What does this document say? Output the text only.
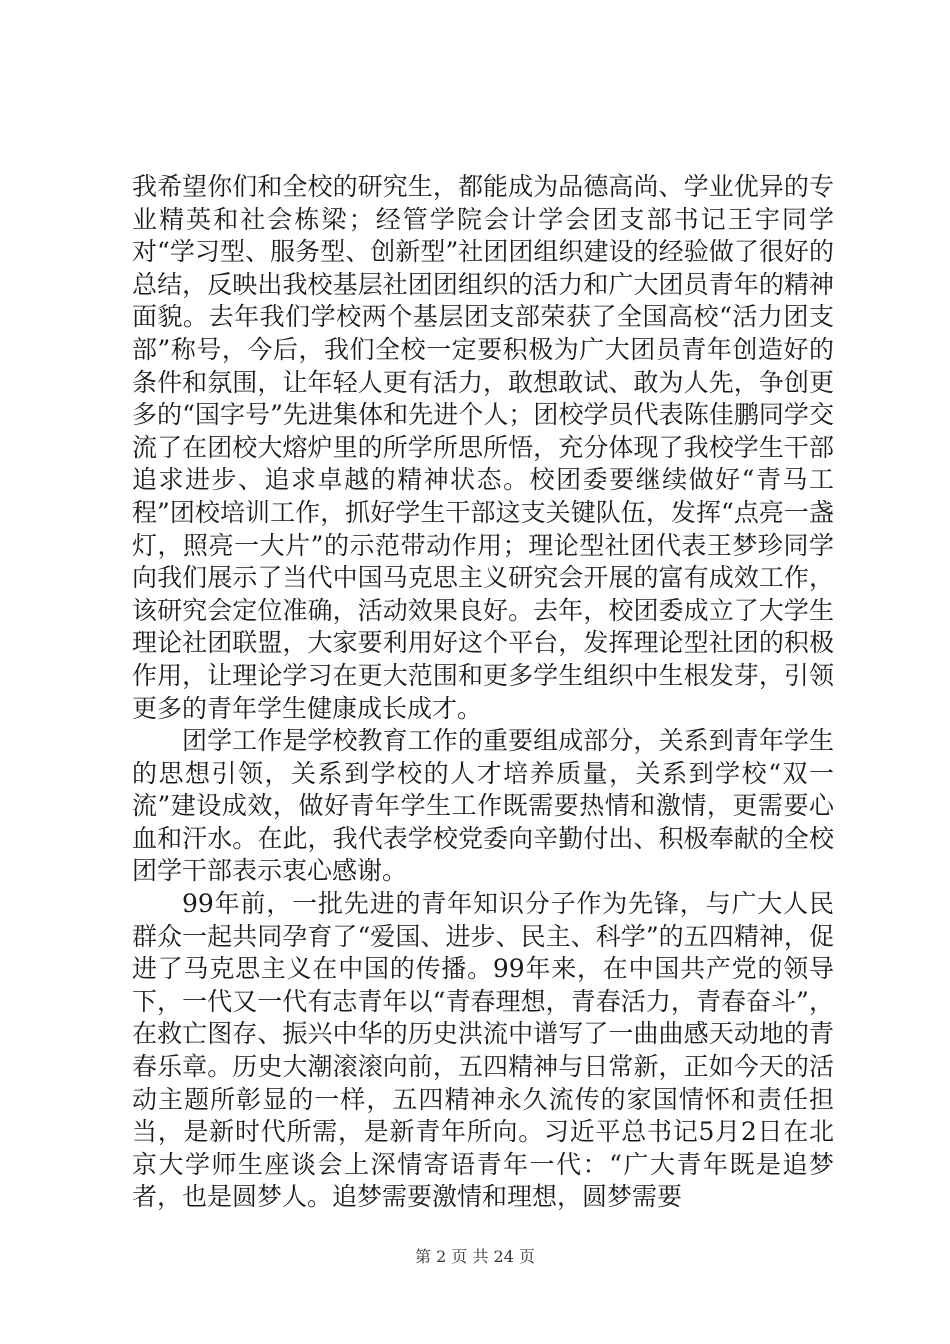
我希望你们和全校的研究生，都能成为品德高尚、学业优异的专业精英和社会栋梁；经管学院会计学会团支部书记王宇同学对“学习型、服务型、创新型”社团团组织建设的经验做了很好的总结，反映出我校基层社团团组织的活力和广大团员青年的精神面貌。去年我们学校两个基层团支部荣获了全国高校“活力团支部”称号，今后，我们全校一定要积极为广大团员青年创造好的条件和氛围，让年轻人更有活力，敢想敢试、敢为人先，争创更多的“国字号”先进集体和先进个人；团校学员代表陈佳鹏同学交流了在团校大熔炉里的所学所思所悟，充分体现了我校学生干部追求进步、追求卓越的精神状态。校团委要继续做好“青马工程”团校培训工作，抓好学生干部这支关键队伍，发挥“点亮一盏灯，照亮一大片”的示范带动作用；理论型社团代表王梦珍同学向我们展示了当代中国马克思主义研究会开展的富有成效工作，该研究会定位准确，活动效果良好。去年，校团委成立了大学生理论社团联盟，大家要利用好这个平台，发挥理论型社团的积极作用，让理论学习在更大范围和更多学生组织中生根发芽，引领更多的青年学生健康成长成才。

团学工作是学校教育工作的重要组成部分，关系到青年学生的思想引领，关系到学校的人才培养质量，关系到学校“双一流”建设成效，做好青年学生工作既需要热情和激情，更需要心血和汗水。在此，我代表学校党委向辛勤付出、积极奉献的全校团学干部表示衷心感谢。

99年前，一批先进的青年知识分子作为先锋，与广大人民群众一起共同孕育了“爱国、进步、民主、科学”的五四精神，促进了马克思主义在中国的传播。99年来，在中国共产党的领导下，一代又一代有志青年以“青春理想，青春活力，青春奋斗”，在救亡图存、振兴中华的历史洪流中谱写了一曲曲感天动地的青春乐章。历史大潮滚滚向前，五四精神与日常新，正如今天的活动主题所彰显的一样，五四精神永久流传的家国情怀和责任担当，是新时代所需，是新青年所向。习近平总书记5月2日在北京大学师生座谈会上深情寄语青年一代：“广大青年既是追梦者，也是圆梦人。追梦需要激情和理想，圆梦需要

第 2 页 共 24 页
